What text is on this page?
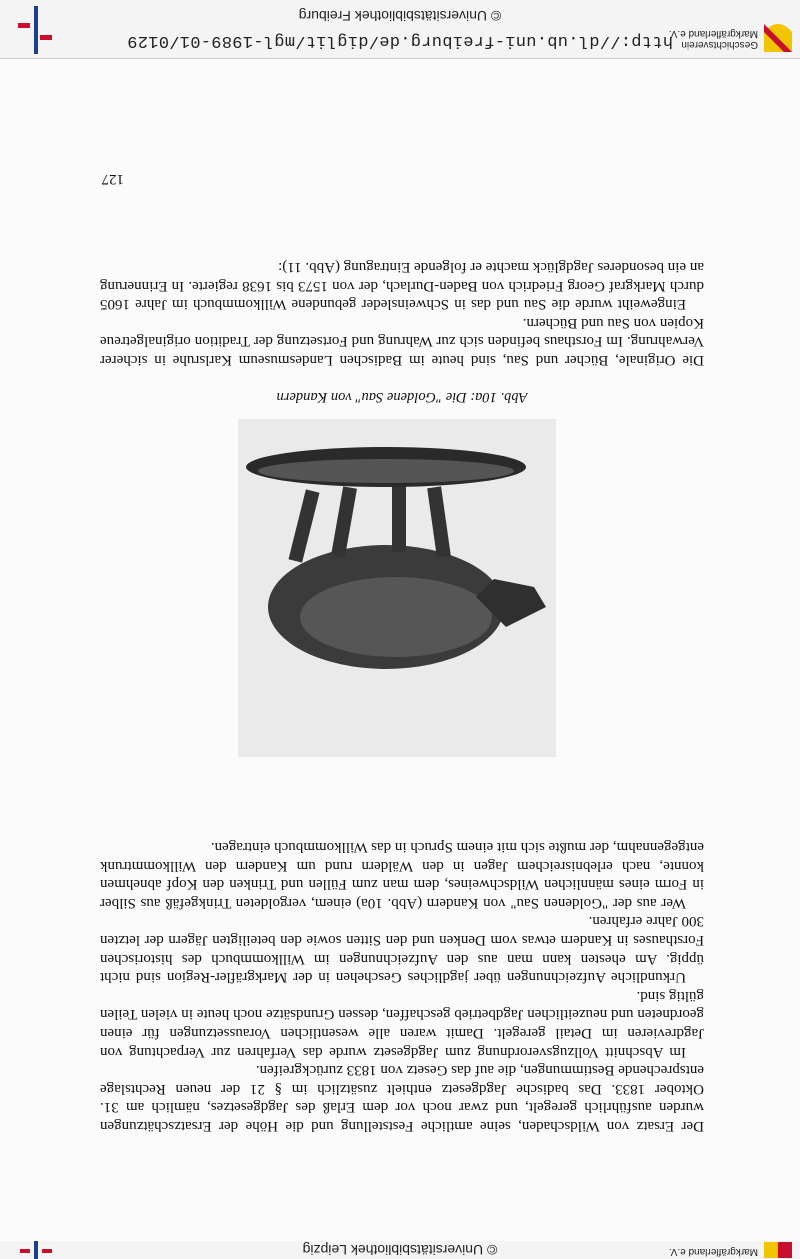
Markgräflerland e.V.
© Universitätsbibliothek Leipzig

Der Ersatz von Wildschaden, seine amtliche Feststellung und die Höhe der Ersatzschätzungen wurden ausführlich geregelt, und zwar noch vor dem Erlaß des Jagdgesetzes, nämlich am 31. Oktober 1833. Das badische Jagdgesetz enthielt zusätzlich im § 21 der neuen Rechtslage entsprechende Bestimmungen, die auf das Gesetz von 1833 zurückgreifen.

Im Abschnitt Vollzugsverordnung zum Jagdgesetz wurde das Verfahren zur Verpachtung von Jagdrevieren im Detail geregelt. Damit waren alle wesentlichen Voraussetzungen für einen geordneten und neuzeitlichen Jagdbetrieb geschaffen, dessen Grundsätze noch heute in vielen Teilen gültig sind.

Urkundliche Aufzeichnungen über jagdliches Geschehen in der Markgräfler-Region sind nicht üppig. Am ehesten kann man aus den Aufzeichnungen im Willkommbuch des historischen Forsthauses in Kandern etwas vom Denken und den Sitten sowie den beteiligten Jägern der letzten 300 Jahre erfahren.

Wer aus der "Goldenen Sau" von Kandern (Abb. 10a) einem, vergoldeten Trinkgefäß aus Silber in Form eines männlichen Wildschweines, dem man zum Füllen und Trinken den Kopf abnehmen konnte, nach erlebnisreichem Jagen in den Wäldern rund um Kandern den Willkommtrunk entgegennahm, der mußte sich mit einem Spruch in das Willkommbuch eintragen.

Abb. 10a: Die "Goldene Sau" von Kandern

Die Originale, Bücher und Sau, sind heute im Badischen Landesmuseum Karlsruhe in sicherer Verwahrung. Im Forsthaus befinden sich zur Wahrung und Fortsetzung der Tradition originalgetreue Kopien von Sau und Büchern.

Eingeweiht wurde die Sau und das in Schweinsleder gebundene Willkommbuch im Jahre 1605 durch Markgraf Georg Friedrich von Baden-Durlach, der von 1573 bis 1638 regierte. In Erinnerung an ein besonderes Jagdglück machte er folgende Eintragung (Abb. 11):

127
Geschichtsverein
Markgräflerland e.V.
http://dl.ub.uni-freiburg.de/diglit/mgl-1989-01/0129
© Universitätsbibliothek Freiburg
